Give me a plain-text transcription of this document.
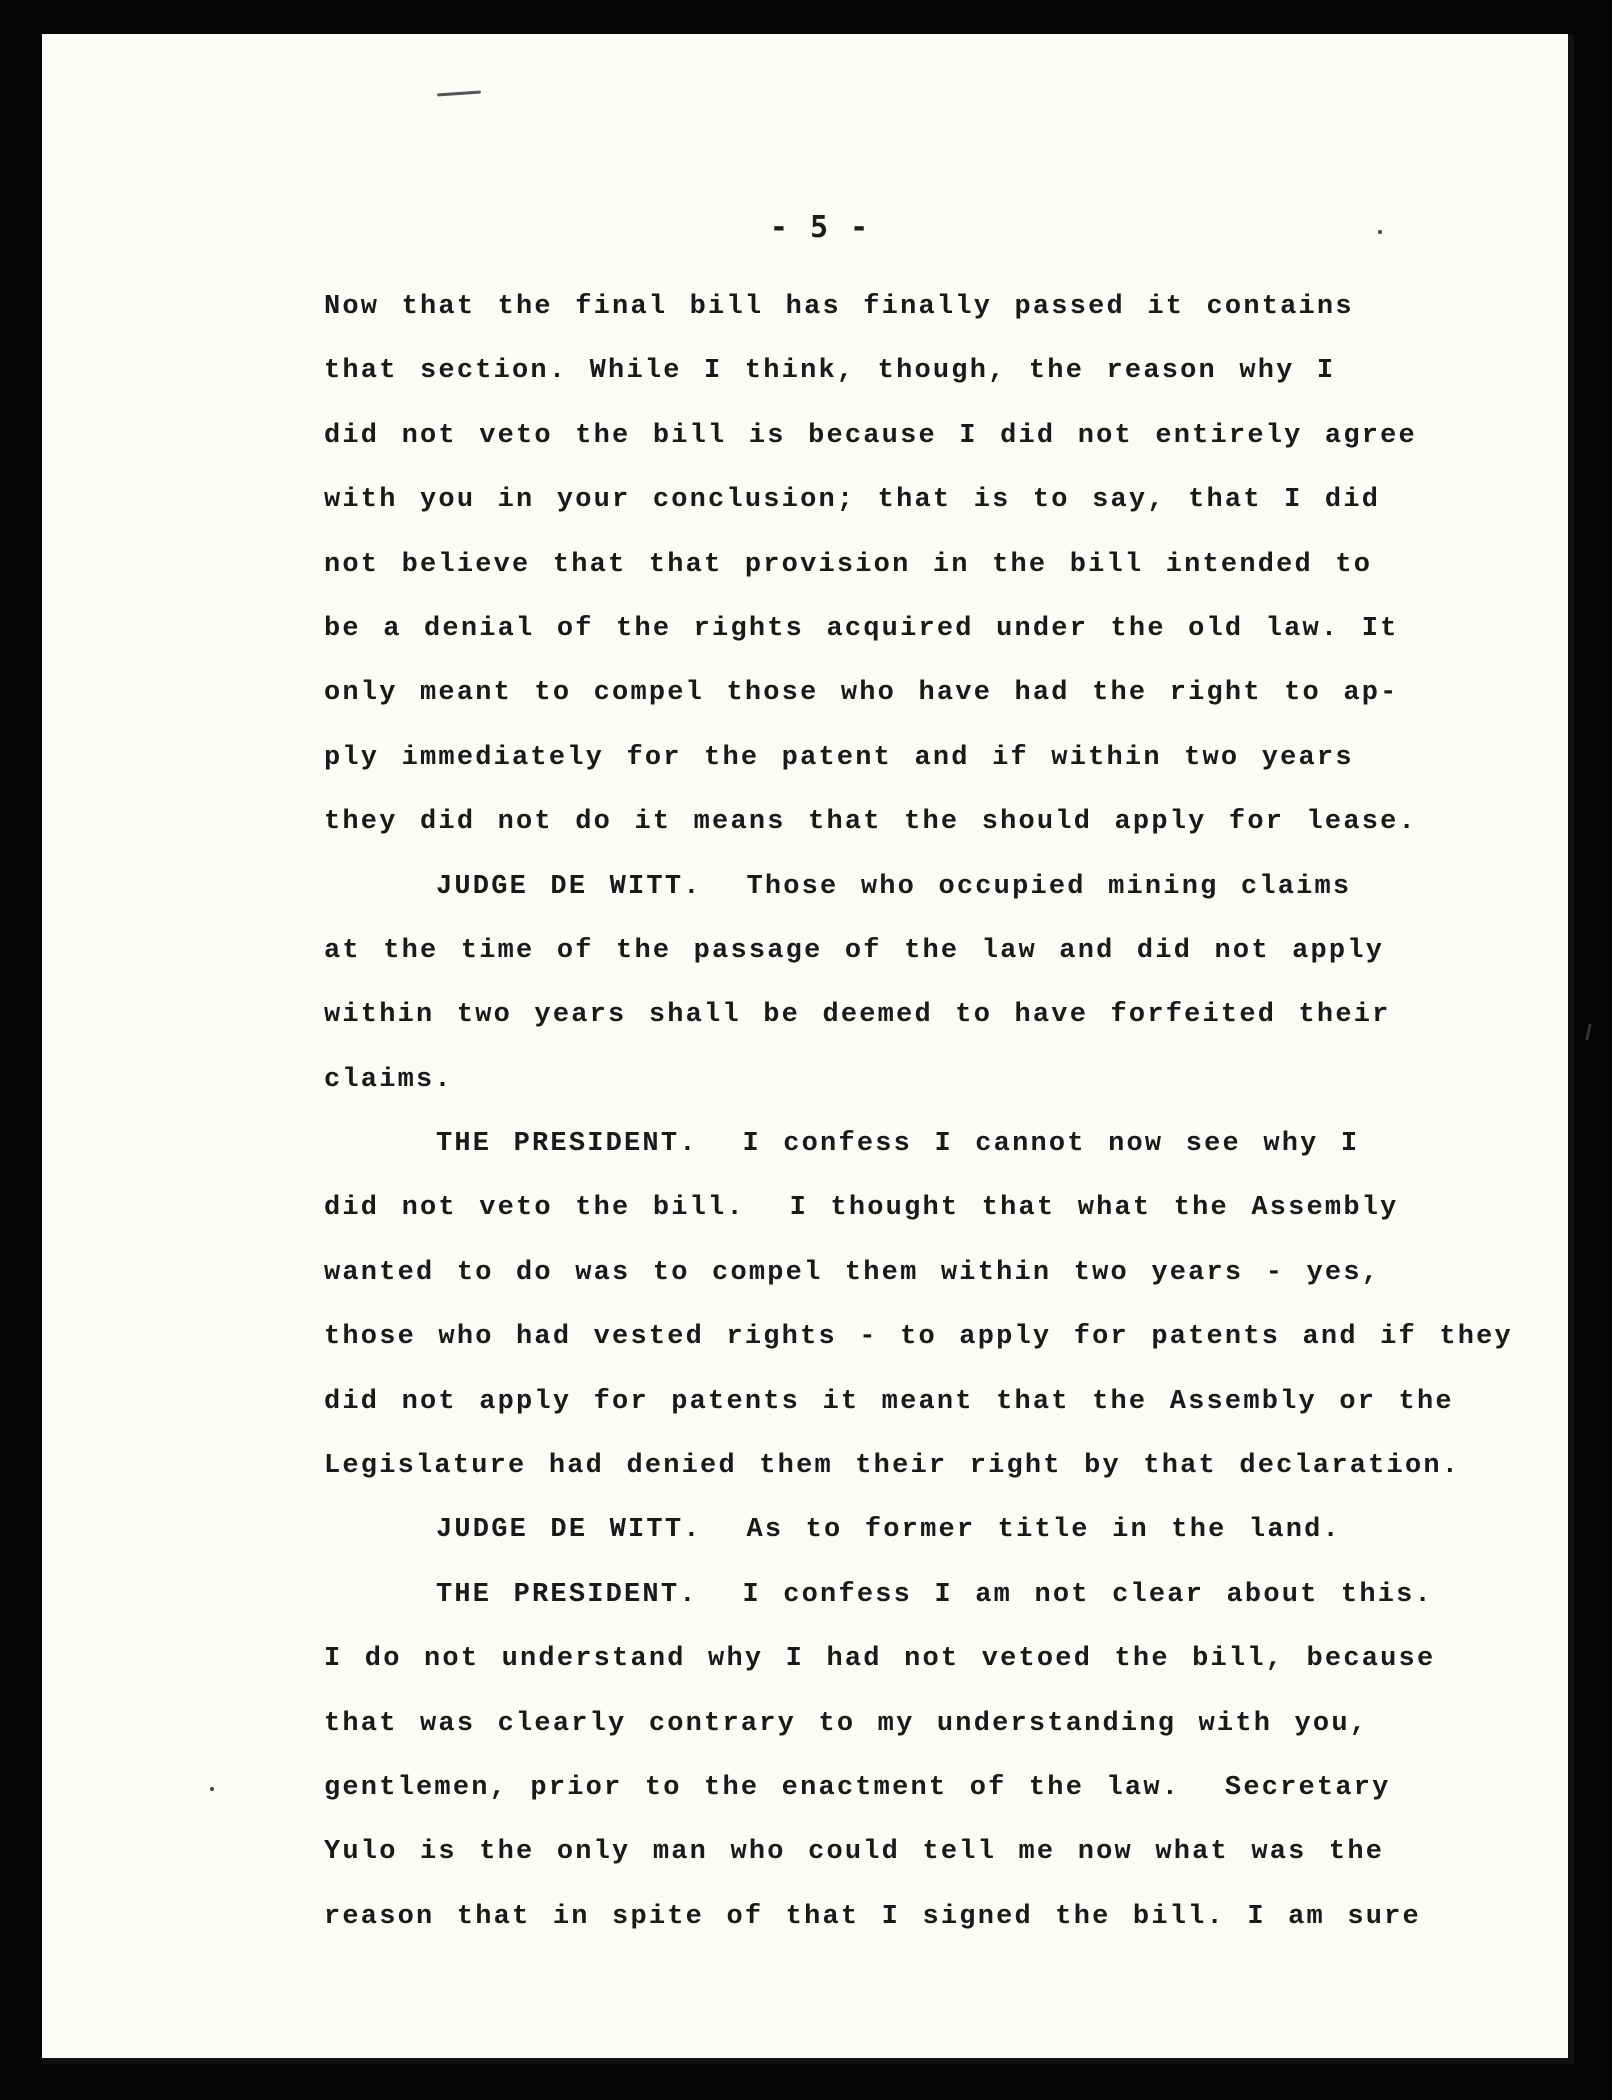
- 5 -
Now that the final bill has finally passed it contains
that section. While I think, though, the reason why I
did not veto the bill is because I did not entirely agree
with you in your conclusion; that is to say, that I did
not believe that that provision in the bill intended to
be a denial of the rights acquired under the old law. It
only meant to compel those who have had the right to ap-
ply immediately for the patent and if within two years
they did not do it means that the should apply for lease.
JUDGE DE WITT.  Those who occupied mining claims
at the time of the passage of the law and did not apply
within two years shall be deemed to have forfeited their
claims.
THE PRESIDENT.  I confess I cannot now see why I
did not veto the bill.  I thought that what the Assembly
wanted to do was to compel them within two years - yes,
those who had vested rights - to apply for patents and if they
did not apply for patents it meant that the Assembly or the
Legislature had denied them their right by that declaration.
JUDGE DE WITT.  As to former title in the land.
THE PRESIDENT.  I confess I am not clear about this.
I do not understand why I had not vetoed the bill, because
that was clearly contrary to my understanding with you,
gentlemen, prior to the enactment of the law.  Secretary
Yulo is the only man who could tell me now what was the
reason that in spite of that I signed the bill. I am sure
